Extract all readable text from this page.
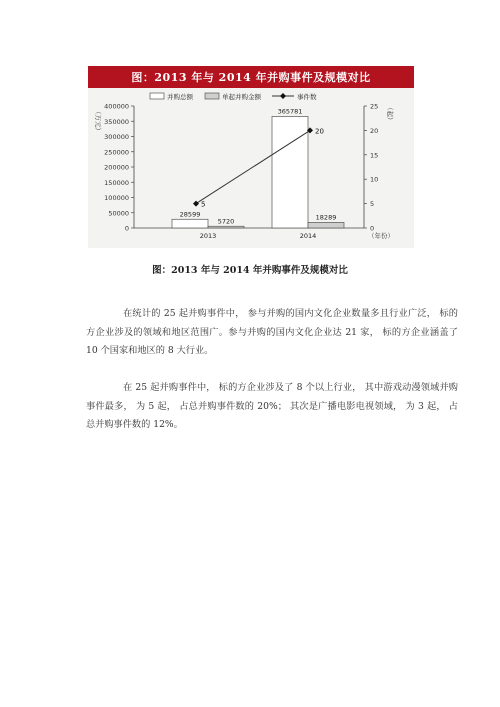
图：2013 年与 2014 年并购事件及规模对比
0
50000
100000
150000
200000
250000
300000
350000
400000
0
5
10
15
20
25
（万元）	（起）
（年份）
28599
5720
2013
365781
18289
2014
5
20
并购总额	单起并购金额	事件数
图：2013 年与 2014 年并购事件及规模对比

在统计的 25 起并购事件中， 参与并购的国内文化企业数量多且行业广泛， 标的方企业涉及的领域和地区范围广。参与并购的国内文化企业达 21 家， 标的方企业涵盖了 10 个国家和地区的 8 大行业。

在 25 起并购事件中， 标的方企业涉及了 8 个以上行业， 其中游戏动漫领域并购事件最多， 为 5 起， 占总并购事件数的 20%； 其次是广播电影电视领域， 为 3 起， 占总并购事件数的 12%。
